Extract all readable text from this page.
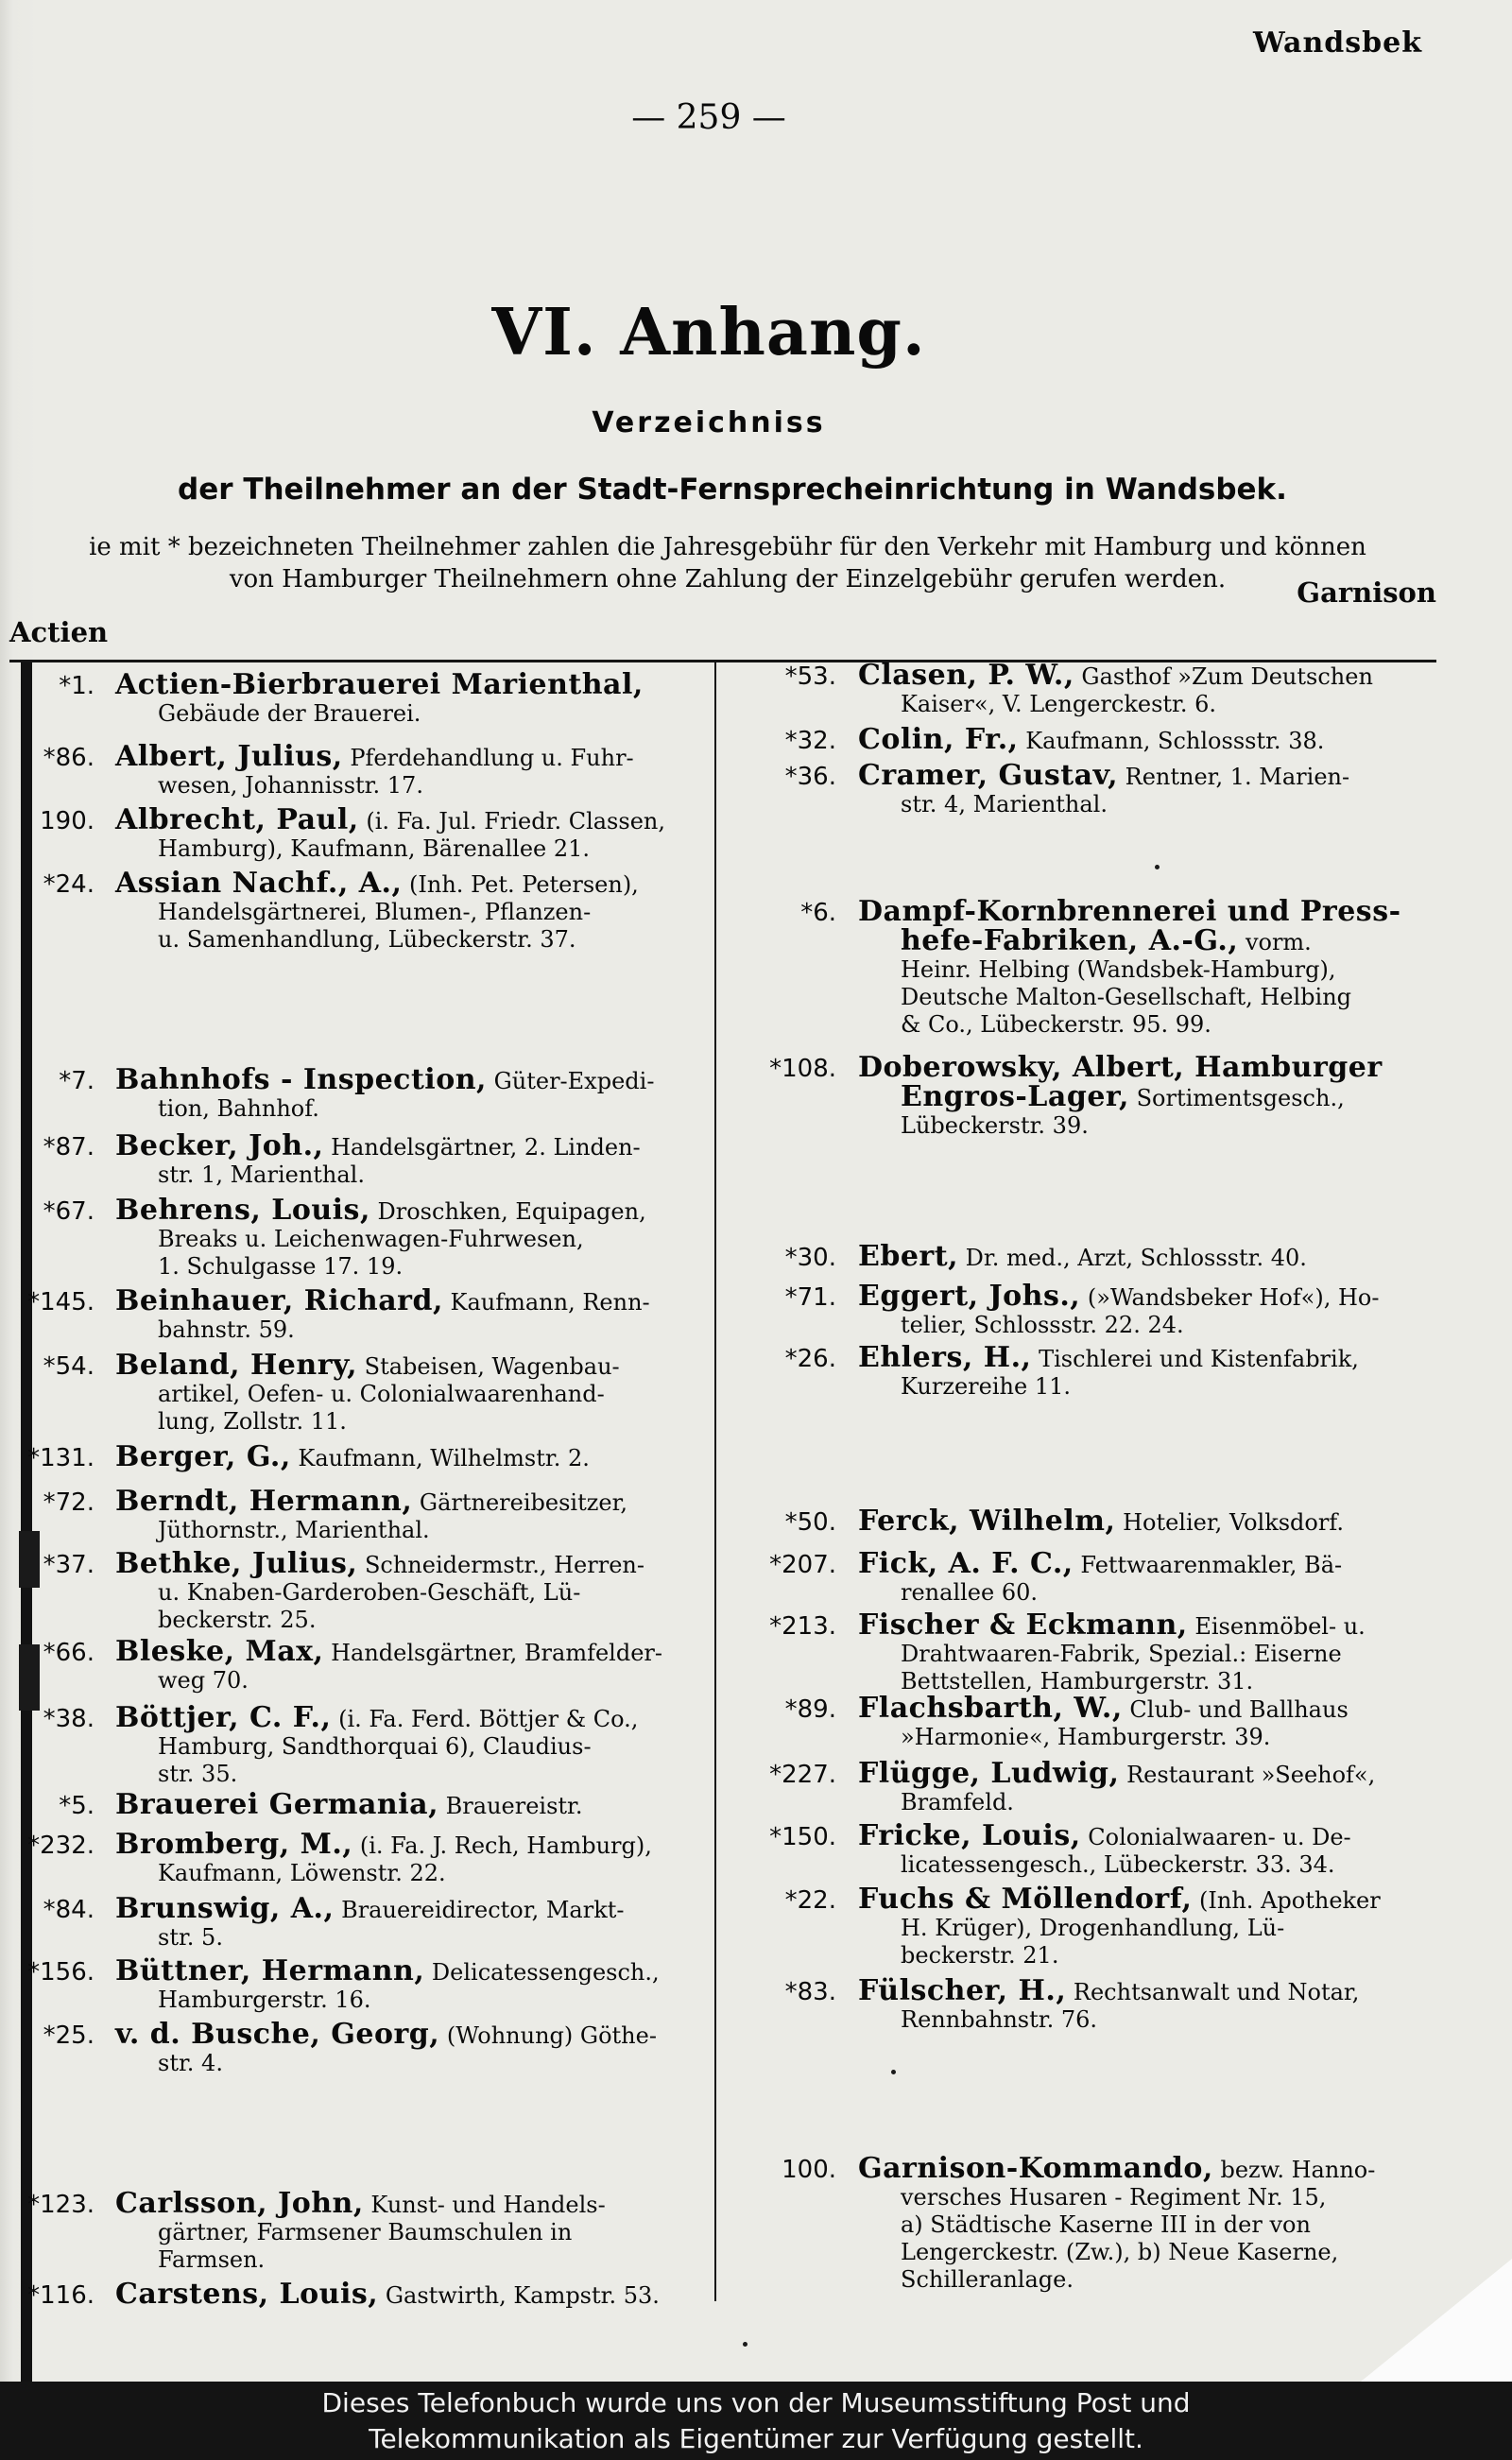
Wandsbek
— 259 —
VI. Anhang.
Verzeichniss
der Theilnehmer an der Stadt-Fernsprecheinrichtung in Wandsbek.
ie mit * bezeichneten Theilnehmer zahlen die Jahresgebühr für den Verkehr mit Hamburg und können
von Hamburger Theilnehmern ohne Zahlung der Einzelgebühr gerufen werden.	Garnison
Actien
*1. Actien-Bierbrauerei Marienthal,
Gebäude der Brauerei.
*86. Albert, Julius, Pferdehandlung u. Fuhr-
wesen, Johannisstr. 17.
190. Albrecht, Paul, (i. Fa. Jul. Friedr. Classen,
Hamburg), Kaufmann, Bärenallee 21.
*24. Assian Nachf., A., (Inh. Pet. Petersen),
Handelsgärtnerei, Blumen-, Pflanzen-
u. Samenhandlung, Lübeckerstr. 37.
*7. Bahnhofs - Inspection, Güter-Expedi-
tion, Bahnhof.
*87. Becker, Joh., Handelsgärtner, 2. Linden-
str. 1, Marienthal.
*67. Behrens, Louis, Droschken, Equipagen,
Breaks u. Leichenwagen-Fuhrwesen,
1. Schulgasse 17. 19.
*145. Beinhauer, Richard, Kaufmann, Renn-
bahnstr. 59.
*54. Beland, Henry, Stabeisen, Wagenbau-
artikel, Oefen- u. Colonialwaarenhand-
lung, Zollstr. 11.
*131. Berger, G., Kaufmann, Wilhelmstr. 2.
*72. Berndt, Hermann, Gärtnereibesitzer,
Jüthornstr., Marienthal.
*37. Bethke, Julius, Schneidermstr., Herren-
u. Knaben-Garderoben-Geschäft, Lü-
beckerstr. 25.
*66. Bleske, Max, Handelsgärtner, Bramfelder-
weg 70.
*38. Böttjer, C. F., (i. Fa. Ferd. Böttjer & Co.,
Hamburg, Sandthorquai 6), Claudius-
str. 35.
*5. Brauerei Germania, Brauereistr.
*232. Bromberg, M., (i. Fa. J. Rech, Hamburg),
Kaufmann, Löwenstr. 22.
*84. Brunswig, A., Brauereidirector, Markt-
str. 5.
*156. Büttner, Hermann, Delicatessengesch.,
Hamburgerstr. 16.
*25. v. d. Busche, Georg, (Wohnung) Göthe-
str. 4.
*123. Carlsson, John, Kunst- und Handels-
gärtner, Farmsener Baumschulen in
Farmsen.
*116. Carstens, Louis, Gastwirth, Kampstr. 53.
*53. Clasen, P. W., Gasthof »Zum Deutschen
Kaiser«, V. Lengerckestr. 6.
*32. Colin, Fr., Kaufmann, Schlossstr. 38.
*36. Cramer, Gustav, Rentner, 1. Marien-
str. 4, Marienthal.
*6. Dampf-Kornbrennerei und Press-
hefe-Fabriken, A.-G., vorm.
Heinr. Helbing (Wandsbek-Hamburg),
Deutsche Malton-Gesellschaft, Helbing
& Co., Lübeckerstr. 95. 99.
*108. Doberowsky, Albert, Hamburger
Engros-Lager, Sortimentsgesch.,
Lübeckerstr. 39.
*30. Ebert, Dr. med., Arzt, Schlossstr. 40.
*71. Eggert, Johs., (»Wandsbeker Hof«), Ho-
telier, Schlossstr. 22. 24.
*26. Ehlers, H., Tischlerei und Kistenfabrik,
Kurzereihe 11.
*50. Ferck, Wilhelm, Hotelier, Volksdorf.
*207. Fick, A. F. C., Fettwaarenmakler, Bä-
renallee 60.
*213. Fischer & Eckmann, Eisenmöbel- u.
Drahtwaaren-Fabrik, Spezial.: Eiserne
Bettstellen, Hamburgerstr. 31.
*89. Flachsbarth, W., Club- und Ballhaus
»Harmonie«, Hamburgerstr. 39.
*227. Flügge, Ludwig, Restaurant »Seehof«,
Bramfeld.
*150. Fricke, Louis, Colonialwaaren- u. De-
licatessengesch., Lübeckerstr. 33. 34.
*22. Fuchs & Möllendorf, (Inh. Apotheker
H. Krüger), Drogenhandlung, Lü-
beckerstr. 21.
*83. Fülscher, H., Rechtsanwalt und Notar,
Rennbahnstr. 76.
100. Garnison-Kommando, bezw. Hanno-
versches Husaren - Regiment Nr. 15,
a) Städtische Kaserne III in der von
Lengerckestr. (Zw.), b) Neue Kaserne,
Schilleranlage.
Dieses Telefonbuch wurde uns von der Museumsstiftung Post und
Telekommunikation als Eigentümer zur Verfügung gestellt.
